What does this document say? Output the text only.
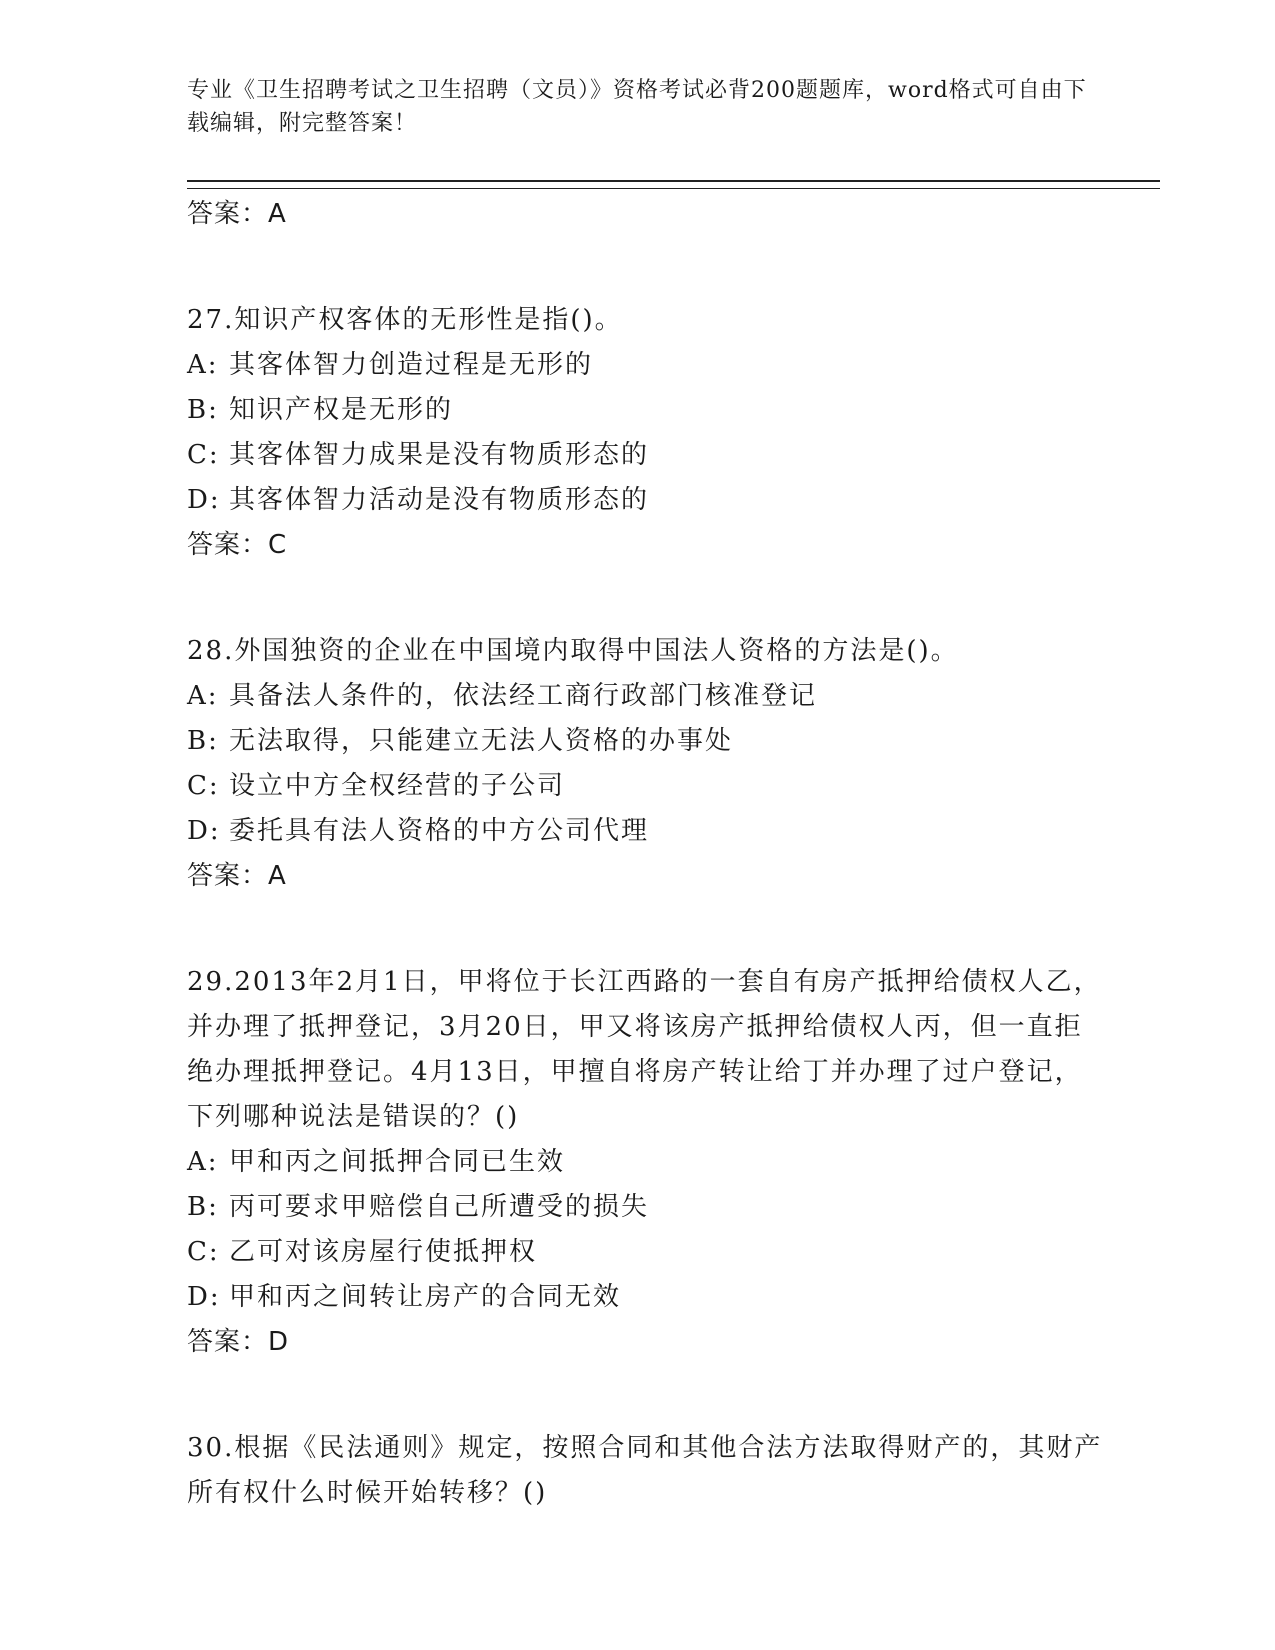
专业《卫生招聘考试之卫生招聘（文员）》资格考试必背200题题库，word格式可自由下载编辑，附完整答案！
答案：A
27.知识产权客体的无形性是指()。
A: 其客体智力创造过程是无形的
B: 知识产权是无形的
C: 其客体智力成果是没有物质形态的
D: 其客体智力活动是没有物质形态的
答案：C
28.外国独资的企业在中国境内取得中国法人资格的方法是()。
A: 具备法人条件的，依法经工商行政部门核准登记
B: 无法取得，只能建立无法人资格的办事处
C: 设立中方全权经营的子公司
D: 委托具有法人资格的中方公司代理
答案：A
29.2013年2月1日，甲将位于长江西路的一套自有房产抵押给债权人乙，并办理了抵押登记，3月20日，甲又将该房产抵押给债权人丙，但一直拒绝办理抵押登记。4月13日，甲擅自将房产转让给丁并办理了过户登记，下列哪种说法是错误的？()
A: 甲和丙之间抵押合同已生效
B: 丙可要求甲赔偿自己所遭受的损失
C: 乙可对该房屋行使抵押权
D: 甲和丙之间转让房产的合同无效
答案：D
30.根据《民法通则》规定，按照合同和其他合法方法取得财产的，其财产所有权什么时候开始转移？()
